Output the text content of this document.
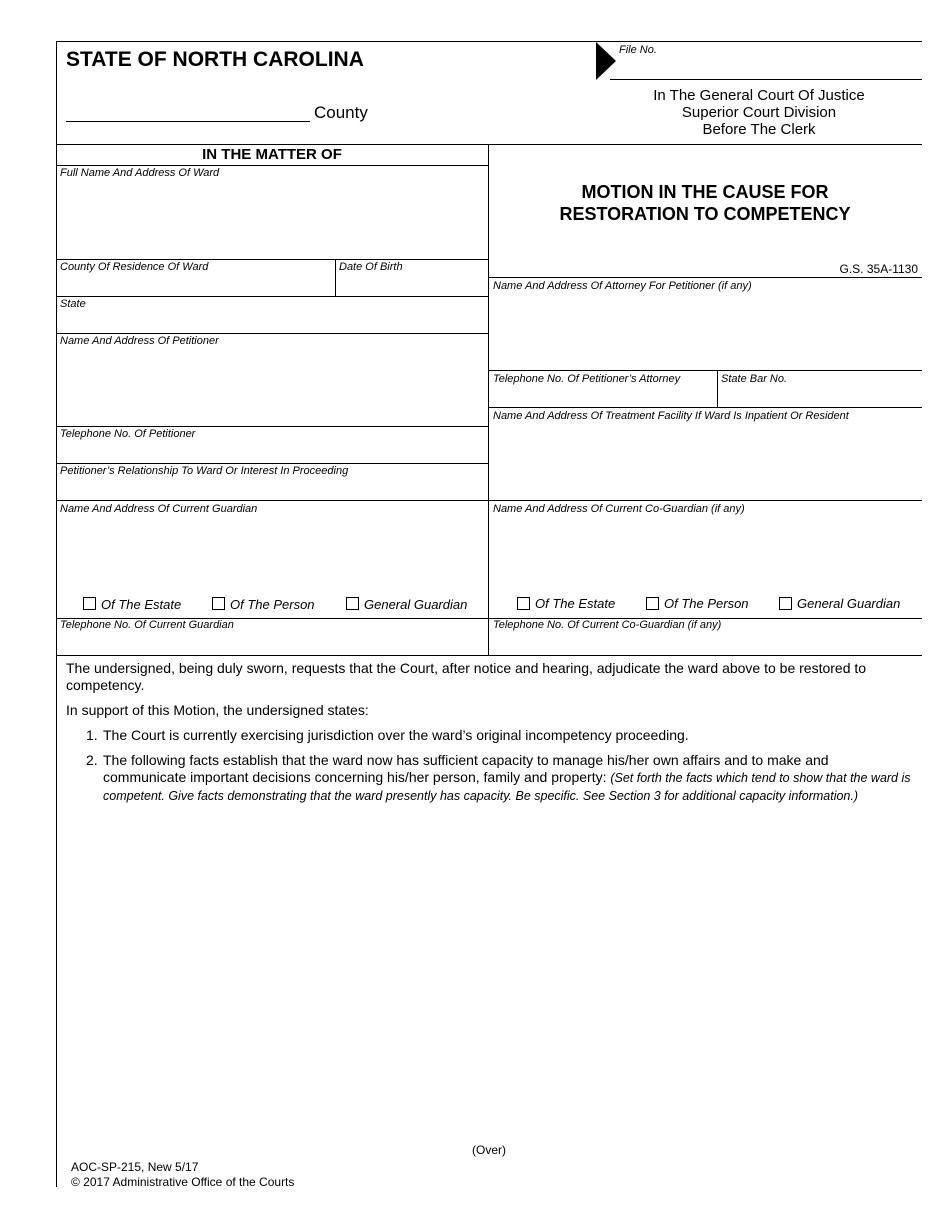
STATE OF NORTH CAROLINA
County
File No.
In The General Court Of Justice
Superior Court Division
Before The Clerk
IN THE MATTER OF
Full Name And Address Of Ward
County Of Residence Of Ward	Date Of Birth
State
Name And Address Of Petitioner
Telephone No. Of Petitioner
Petitioner’s Relationship To Ward Or Interest In Proceeding
Name And Address Of Current Guardian
Of The Estate	Of The Person	General Guardian
Telephone No. Of Current Guardian
MOTION IN THE CAUSE FOR
RESTORATION TO COMPETENCY
G.S. 35A-1130
Name And Address Of Attorney For Petitioner (if any)
Telephone No. Of Petitioner’s Attorney	State Bar No.
Name And Address Of Treatment Facility If Ward Is Inpatient Or Resident
Name And Address Of Current Co-Guardian (if any)
Of The Estate	Of The Person	General Guardian
Telephone No. Of Current Co-Guardian (if any)
The undersigned, being duly sworn, requests that the Court, after notice and hearing, adjudicate the ward above to be restored to competency.
In support of this Motion, the undersigned states:
1. The Court is currently exercising jurisdiction over the ward’s original incompetency proceeding.
2. The following facts establish that the ward now has sufficient capacity to manage his/her own affairs and to make and communicate important decisions concerning his/her person, family and property: (Set forth the facts which tend to show that the ward is competent. Give facts demonstrating that the ward presently has capacity. Be specific. See Section 3 for additional capacity information.)
(Over)
AOC-SP-215, New 5/17
© 2017 Administrative Office of the Courts
